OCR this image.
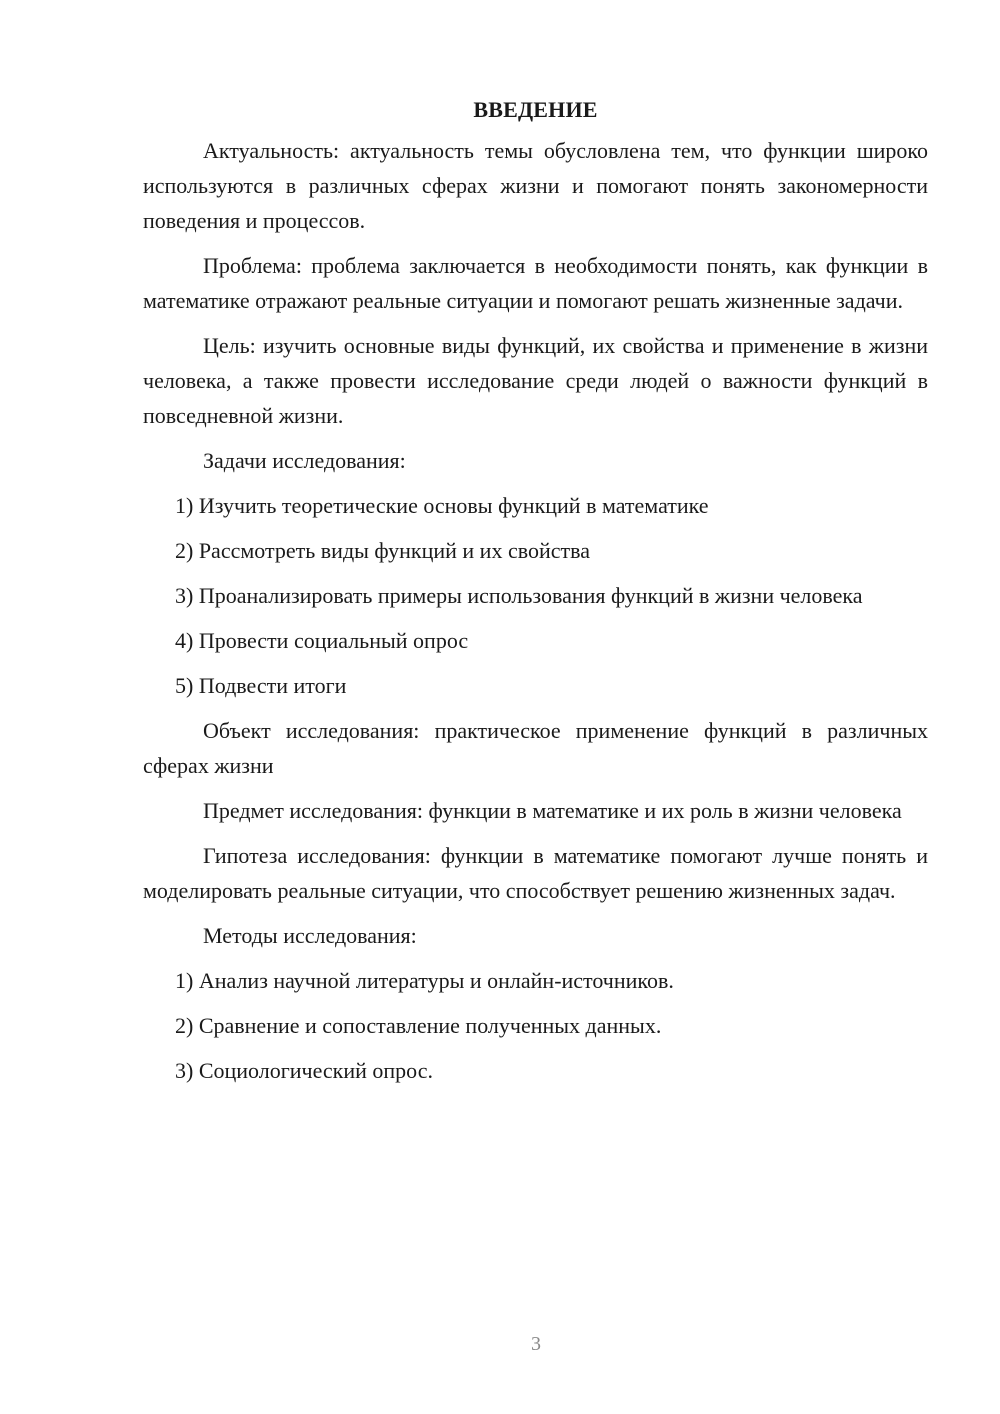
ВВЕДЕНИЕ

Актуальность: актуальность темы обусловлена тем, что функции широко используются в различных сферах жизни и помогают понять закономерности поведения и процессов.

Проблема: проблема заключается в необходимости понять, как функции в математике отражают реальные ситуации и помогают решать жизненные задачи.

Цель: изучить основные виды функций, их свойства и применение в жизни человека, а также провести исследование среди людей о важности функций в повседневной жизни.

Задачи исследования:

1) Изучить теоретические основы функций в математике

2) Рассмотреть виды функций и их свойства

3) Проанализировать примеры использования функций в жизни человека

4) Провести социальный опрос

5) Подвести итоги

Объект исследования: практическое применение функций в различных сферах жизни

Предмет исследования: функции в математике и их роль в жизни человека

Гипотеза исследования: функции в математике помогают лучше понять и моделировать реальные ситуации, что способствует решению жизненных задач.

Методы исследования:

1) Анализ научной литературы и онлайн-источников.

2) Сравнение и сопоставление полученных данных.

3) Социологический опрос.

3
